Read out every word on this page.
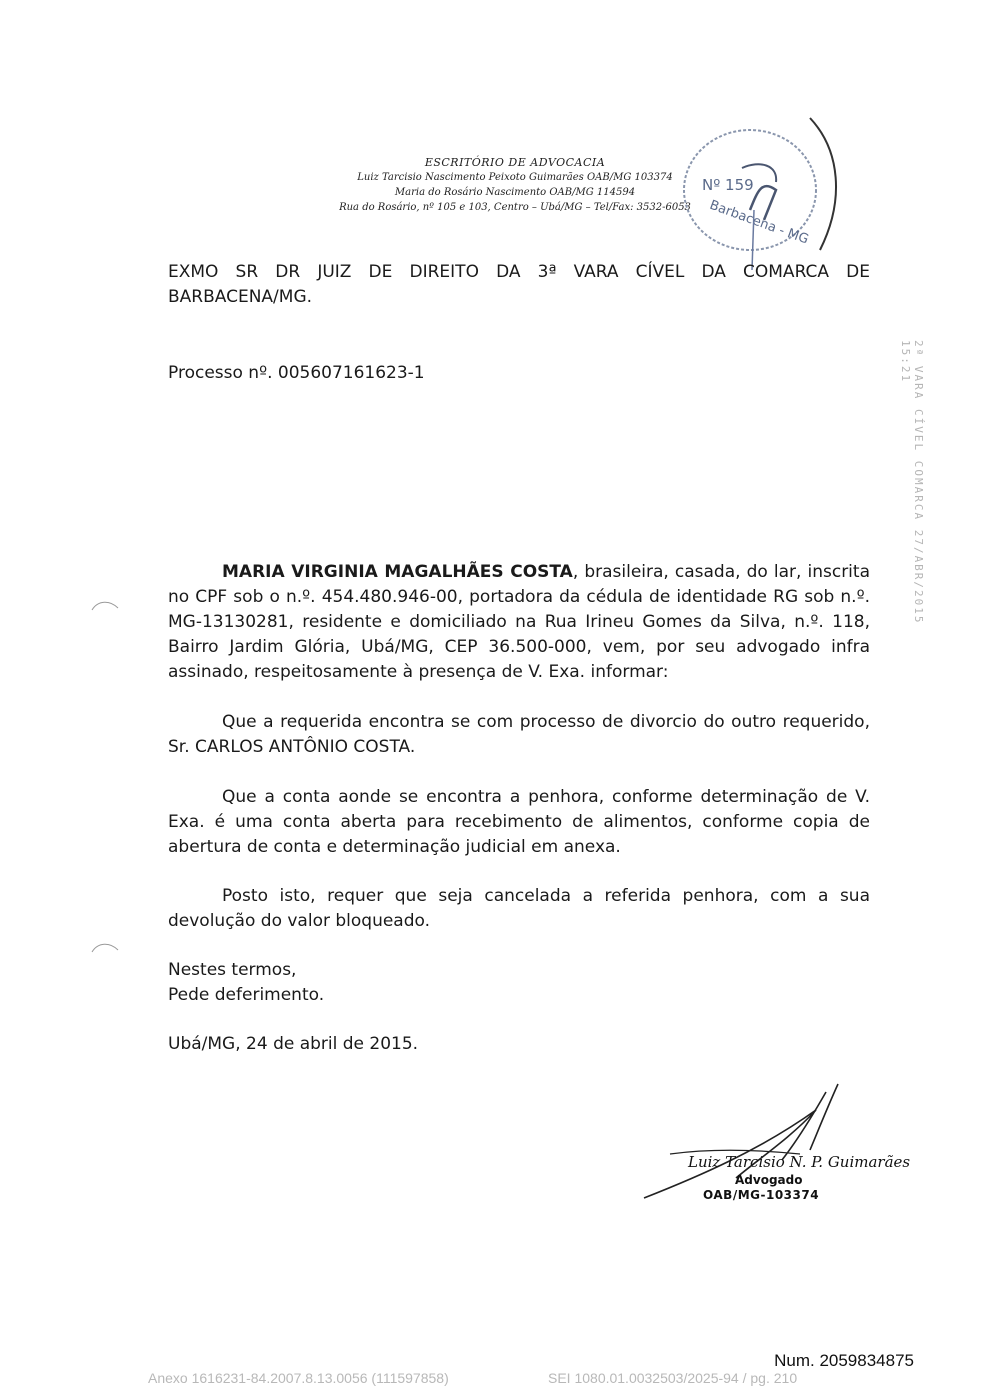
ESCRITÓRIO DE ADVOCACIA
Luiz Tarcisio Nascimento Peixoto Guimarães OAB/MG 103374
Maria do Rosário Nascimento OAB/MG 114594
Rua do Rosário, nº 105 e 103, Centro – Ubá/MG – Tel/Fax: 3532-6053
Nº 159
Barbacena - MG
2ª VARA CÍVEL COMARCA 27/ABR/2015 15:21

EXMO SR DR JUIZ DE DIREITO DA 3ª VARA CÍVEL DA COMARCA DE

BARBACENA/MG.

Processo nº. 005607161623-1

MARIA VIRGINIA MAGALHÃES COSTA, brasileira, casada, do lar, inscrita no CPF sob o n.º. 454.480.946-00, portadora da cédula de identidade RG sob n.º. MG-13130281, residente e domiciliado na Rua Irineu Gomes da Silva, n.º. 118, Bairro Jardim Glória, Ubá/MG, CEP 36.500-000, vem, por seu advogado infra assinado, respeitosamente à presença de V. Exa. informar:

Que a requerida encontra se com processo de divorcio do outro requerido, Sr. CARLOS ANTÔNIO COSTA.

Que a conta aonde se encontra a penhora, conforme determinação de V. Exa. é uma conta aberta para recebimento de alimentos, conforme copia de abertura de conta e determinação judicial em anexa.

Posto isto, requer que seja cancelada a referida penhora, com a sua devolução do valor bloqueado.

Nestes termos,
Pede deferimento.
Ubá/MG, 24 de abril de 2015.
Luiz Tarcisio N. P. Guimarães
Advogado
OAB/MG-103374
Num. 2059834875
Anexo 1616231-84.2007.8.13.0056 (111597858)	SEI 1080.01.0032503/2025-94 / pg. 210
